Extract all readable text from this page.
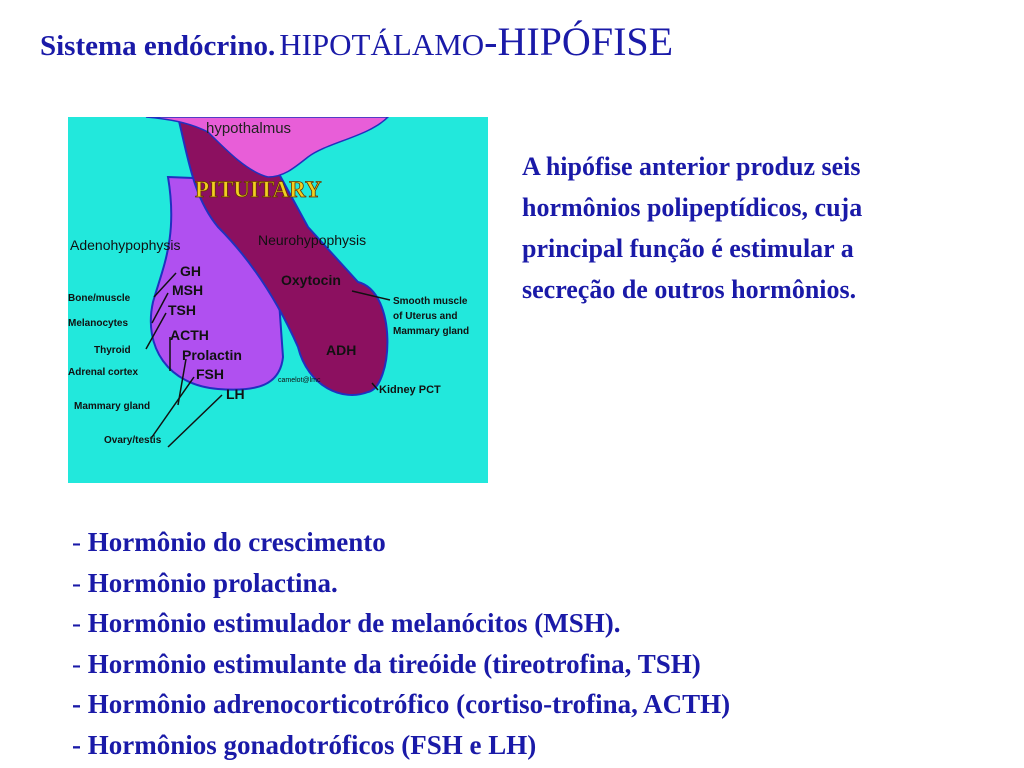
Sistema endócrino. HIPOTÁLAMO-HIPÓFISE
hypothalmus
PITUITARY
Adenohypophysis	Neurohypophysis
GH
MSH
TSH
ACTH
Prolactin
FSH
LH
Bone/muscle
Melanocytes
Thyroid
Adrenal cortex
Mammary gland
Ovary/testis
Oxytocin
ADH
Smooth muscle
of Uterus and
Mammary gland
Kidney PCT
camelot@lmc
A hipófise anterior produz seis
hormônios polipeptídicos, cuja
principal função é estimular a
secreção de outros hormônios.
- Hormônio do crescimento
- Hormônio prolactina.
- Hormônio estimulador de melanócitos (MSH).
- Hormônio estimulante da tireóide (tireotrofina, TSH)
- Hormônio adrenocorticotrófico (cortiso-trofina, ACTH)
- Hormônios gonadotróficos (FSH e LH)
